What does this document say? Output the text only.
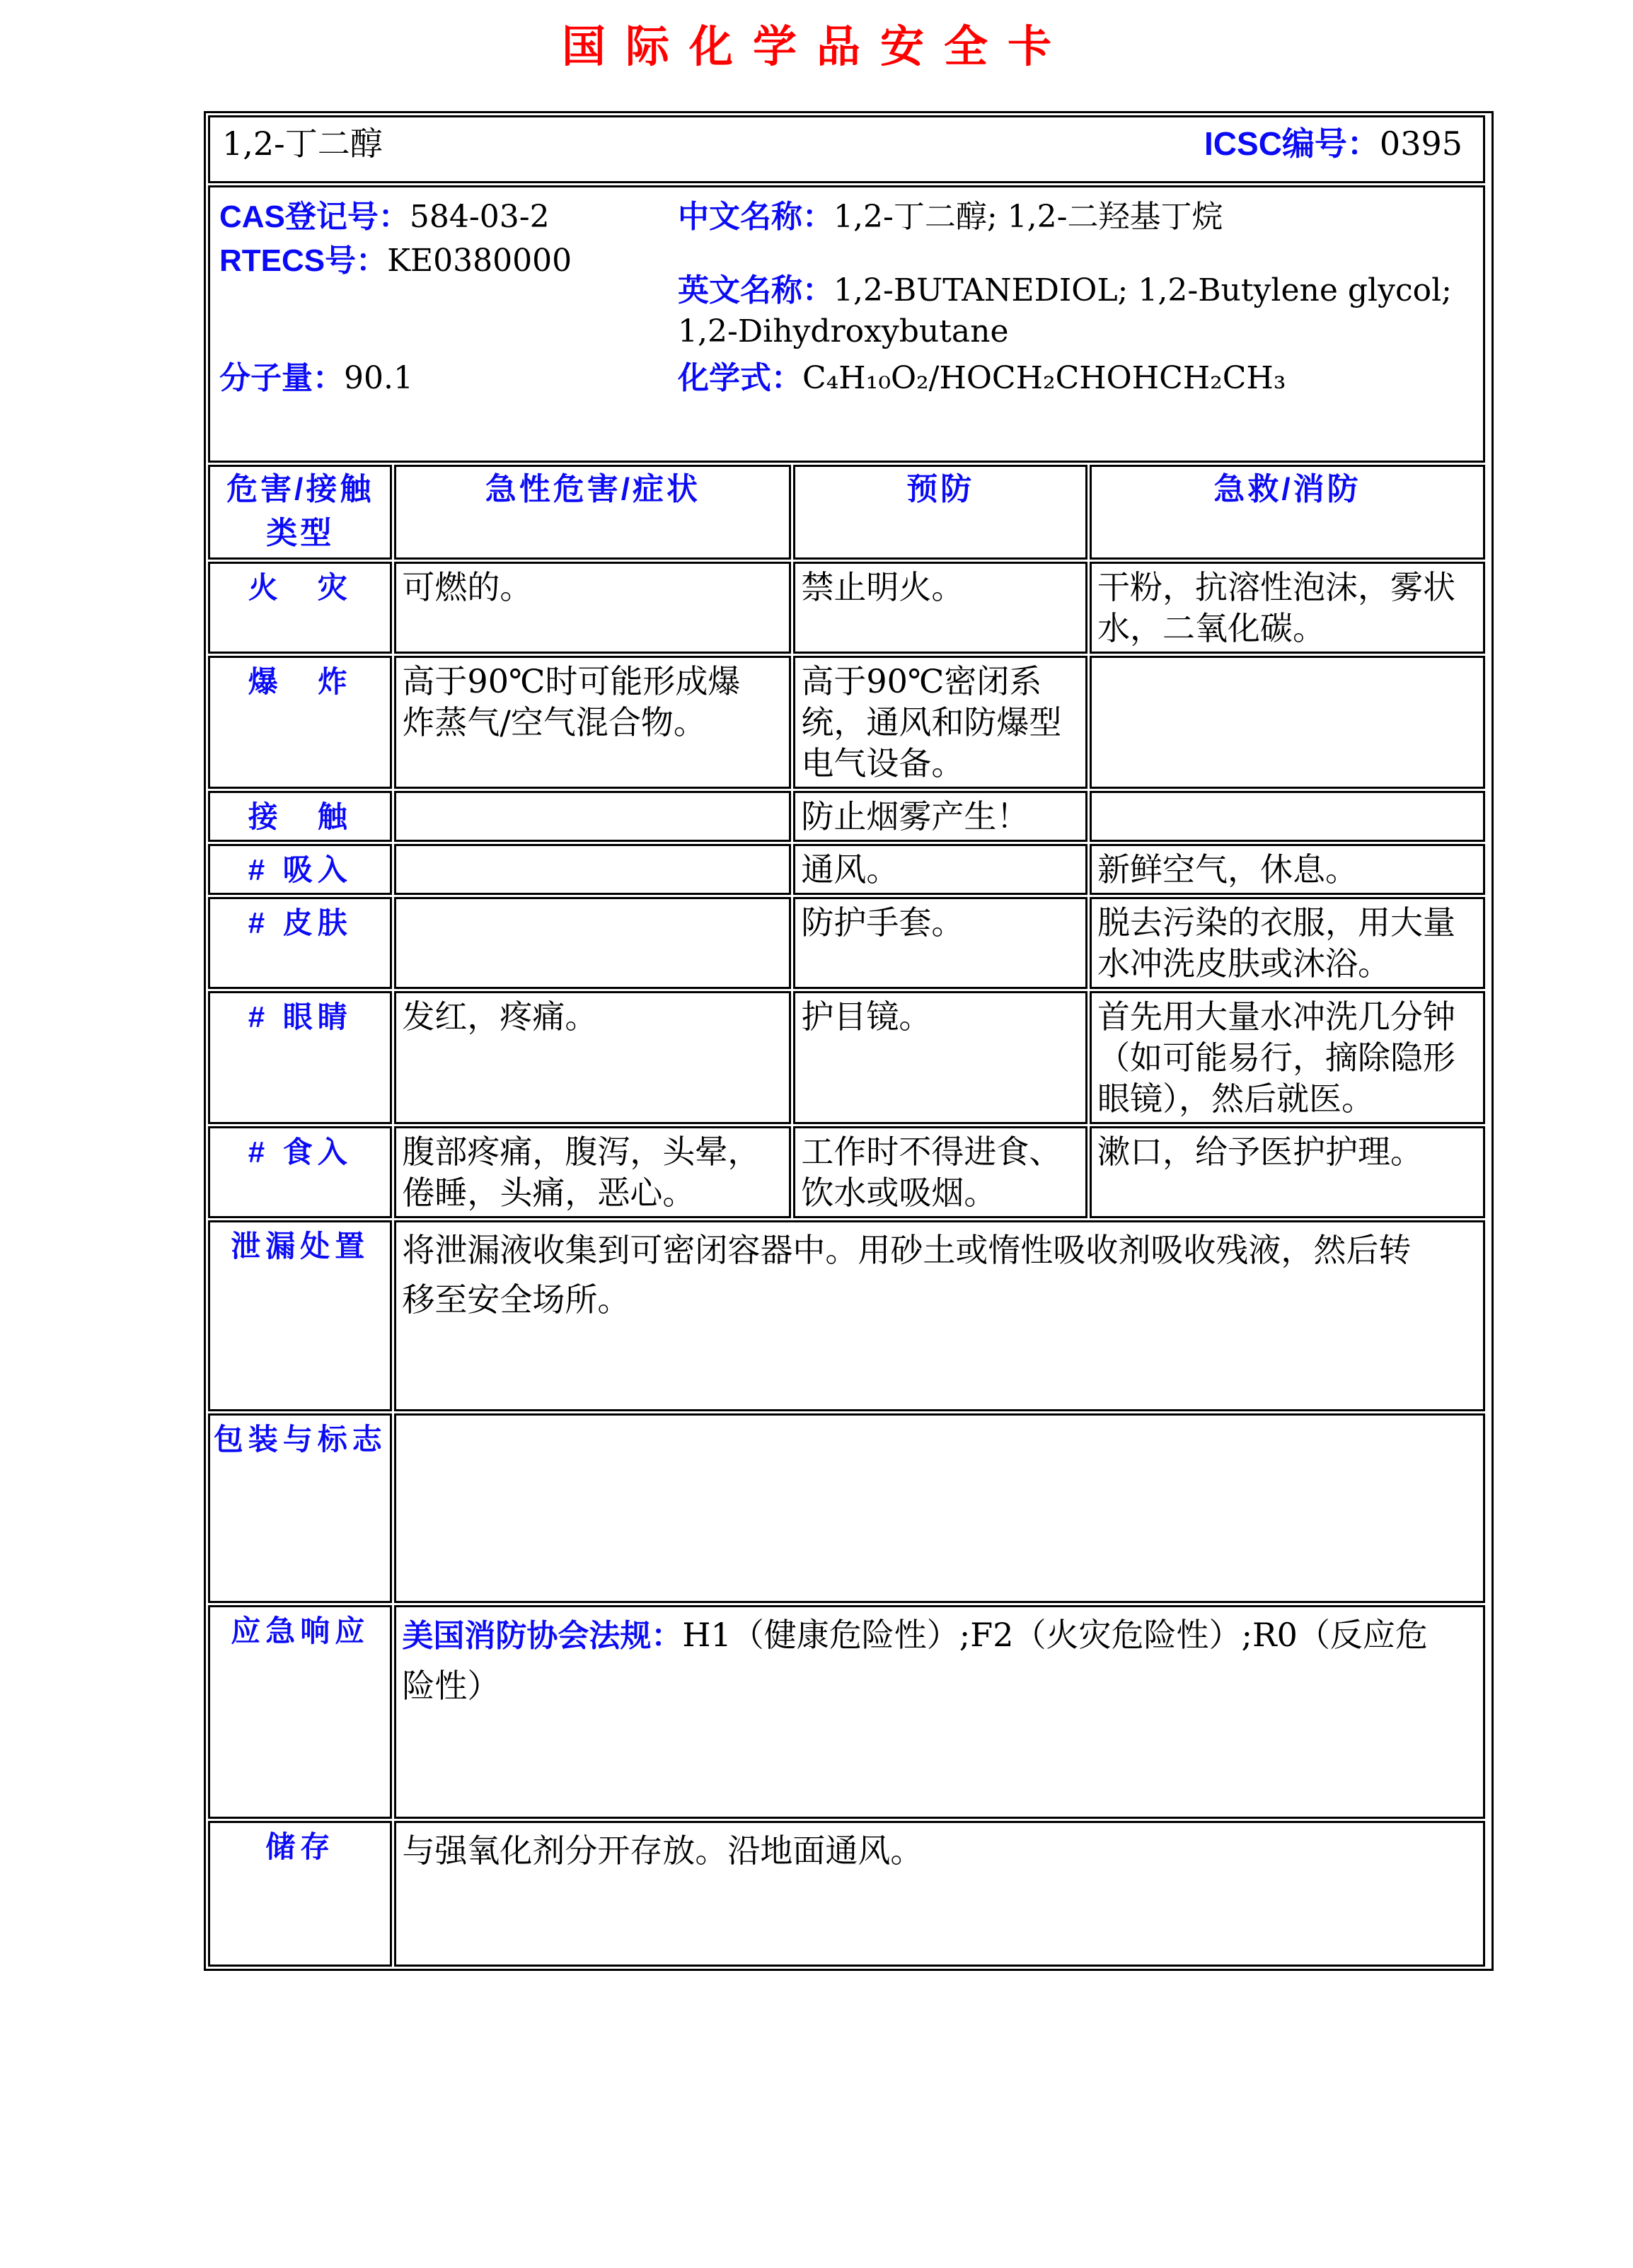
国际化学品安全卡
1,2-丁二醇 ICSC编号：0395			

CAS登记号：584-03-2
RTECS号：KE0380000
中文名称：1,2-丁二醇; 1,2-二羟基丁烷
英文名称：1,2-BUTANEDIOL; 1,2-Butylene glycol; 1,2-Dihydroxybutane
分子量：90.1	化学式：C₄H₁₀O₂/HOCH₂CHOHCH₂CH₃

危害/接触
类型	急性危害/症状	预防	急救/消防
火　灾	可燃的。	禁止明火。	干粉，抗溶性泡沫，雾状水，二氧化碳。
爆　炸	高于90℃时可能形成爆炸蒸气/空气混合物。	高于90℃密闭系统，通风和防爆型电气设备。	
接　触		防止烟雾产生！	
# 吸入		通风。	新鲜空气，休息。
# 皮肤		防护手套。	脱去污染的衣服，用大量水冲洗皮肤或沐浴。
# 眼睛	发红，疼痛。	护目镜。	首先用大量水冲洗几分钟（如可能易行，摘除隐形眼镜），然后就医。
# 食入	腹部疼痛，腹泻，头晕，倦睡，头痛，恶心。	工作时不得进食、饮水或吸烟。	漱口，给予医护护理。
泄漏处置	将泄漏液收集到可密闭容器中。用砂土或惰性吸收剂吸收残液，然后转移至安全场所。		
包装与标志			
应急响应	美国消防协会法规：H1（健康危险性）;F2（火灾危险性）;R0（反应危险性）		
储存	与强氧化剂分开存放。沿地面通风。		
